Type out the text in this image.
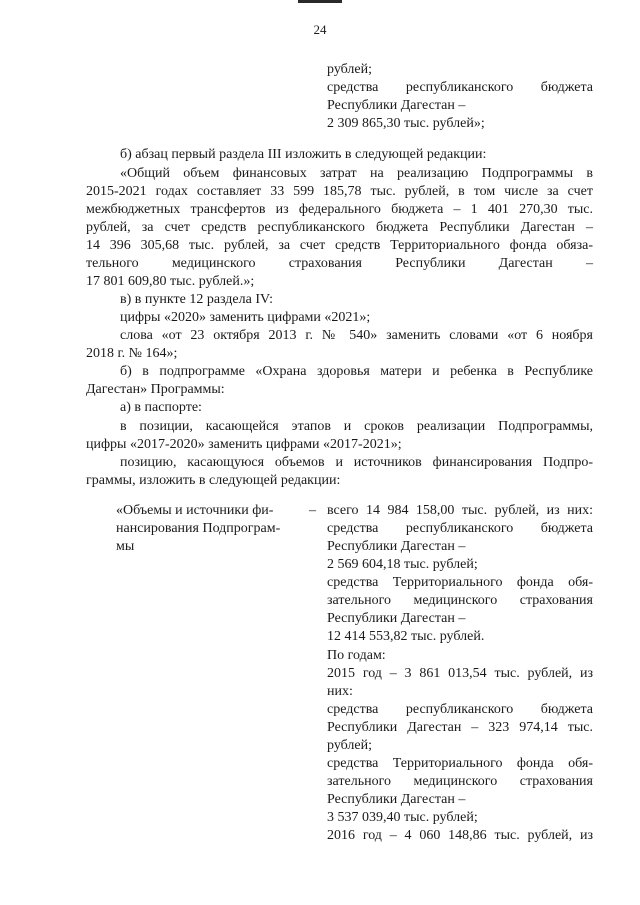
24
рублей;
средства республиканского бюджета
Республики Дагестан –
2 309 865,30 тыс. рублей»;
б) абзац первый раздела III изложить в следующей редакции:
«Общий объем финансовых затрат на реализацию Подпрограммы в
2015-2021 годах составляет 33 599 185,78 тыс. рублей, в том числе за счет
межбюджетных трансфертов из федерального бюджета – 1 401 270,30 тыс.
рублей, за счет средств республиканского бюджета Республики Дагестан –
14 396 305,68 тыс. рублей, за счет средств Территориального фонда обяза-
тельного медицинского страхования Республики Дагестан –
17 801 609,80 тыс. рублей.»;
в) в пункте 12 раздела IV:
цифры «2020» заменить цифрами «2021»;
слова «от 23 октября 2013 г. № 540» заменить словами «от 6 ноября
2018 г. № 164»;
б) в подпрограмме «Охрана здоровья матери и ребенка в Республике
Дагестан» Программы:
а) в паспорте:
в позиции, касающейся этапов и сроков реализации Подпрограммы,
цифры «2017-2020» заменить цифрами «2017-2021»;
позицию, касающуюся объемов и источников финансирования Подпро-
граммы, изложить в следующей редакции:
«Объемы и источники фи-
нансирования Подпрограм-
мы
– всего 14 984 158,00 тыс. рублей, из них:
средства республиканского бюджета
Республики Дагестан –
2 569 604,18 тыс. рублей;
средства Территориального фонда обя-
зательного медицинского страхования
Республики Дагестан –
12 414 553,82 тыс. рублей.
По годам:
2015 год – 3 861 013,54 тыс. рублей, из
них:
средства республиканского бюджета
Республики Дагестан – 323 974,14 тыс.
рублей;
средства Территориального фонда обя-
зательного медицинского страхования
Республики Дагестан –
3 537 039,40 тыс. рублей;
2016 год – 4 060 148,86 тыс. рублей, из
